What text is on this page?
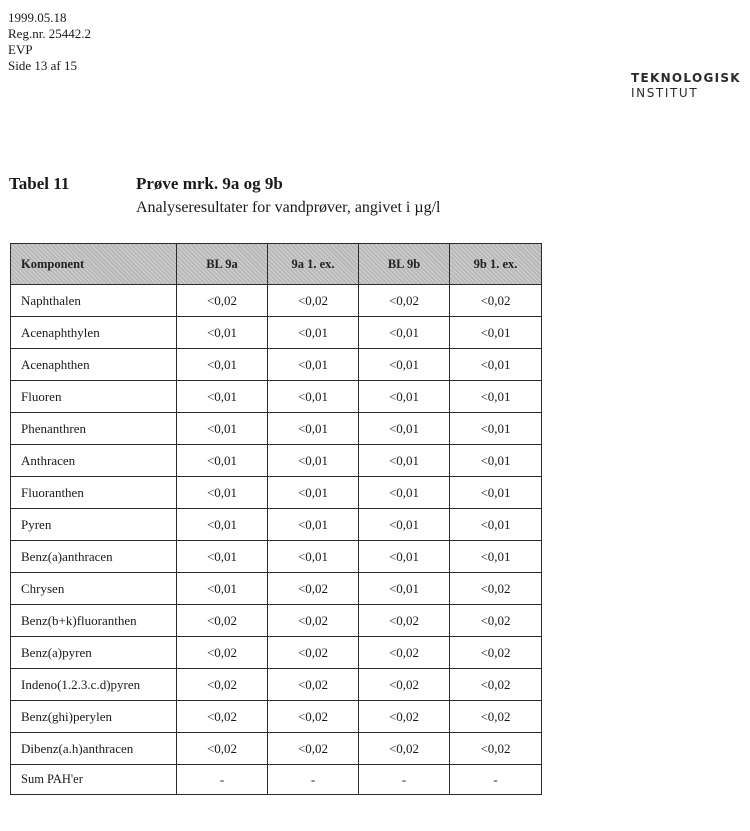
1999.05.18
Reg.nr. 25442.2
EVP
Side 13 af 15
TEKNOLOGISK
INSTITUT
Tabel 11	Prøve mrk. 9a og 9b
Analyseresultater for vandprøver, angivet i µg/l
Komponent	BL 9a	9a 1. ex.	BL 9b	9b 1. ex.
Naphthalen	<0,02	<0,02	<0,02	<0,02
Acenaphthylen	<0,01	<0,01	<0,01	<0,01
Acenaphthen	<0,01	<0,01	<0,01	<0,01
Fluoren	<0,01	<0,01	<0,01	<0,01
Phenanthren	<0,01	<0,01	<0,01	<0,01
Anthracen	<0,01	<0,01	<0,01	<0,01
Fluoranthen	<0,01	<0,01	<0,01	<0,01
Pyren	<0,01	<0,01	<0,01	<0,01
Benz(a)anthracen	<0,01	<0,01	<0,01	<0,01
Chrysen	<0,01	<0,02	<0,01	<0,02
Benz(b+k)fluoranthen	<0,02	<0,02	<0,02	<0,02
Benz(a)pyren	<0,02	<0,02	<0,02	<0,02
Indeno(1.2.3.c.d)pyren	<0,02	<0,02	<0,02	<0,02
Benz(ghi)perylen	<0,02	<0,02	<0,02	<0,02
Dibenz(a.h)anthracen	<0,02	<0,02	<0,02	<0,02
Sum PAH'er	-	-	-	-
